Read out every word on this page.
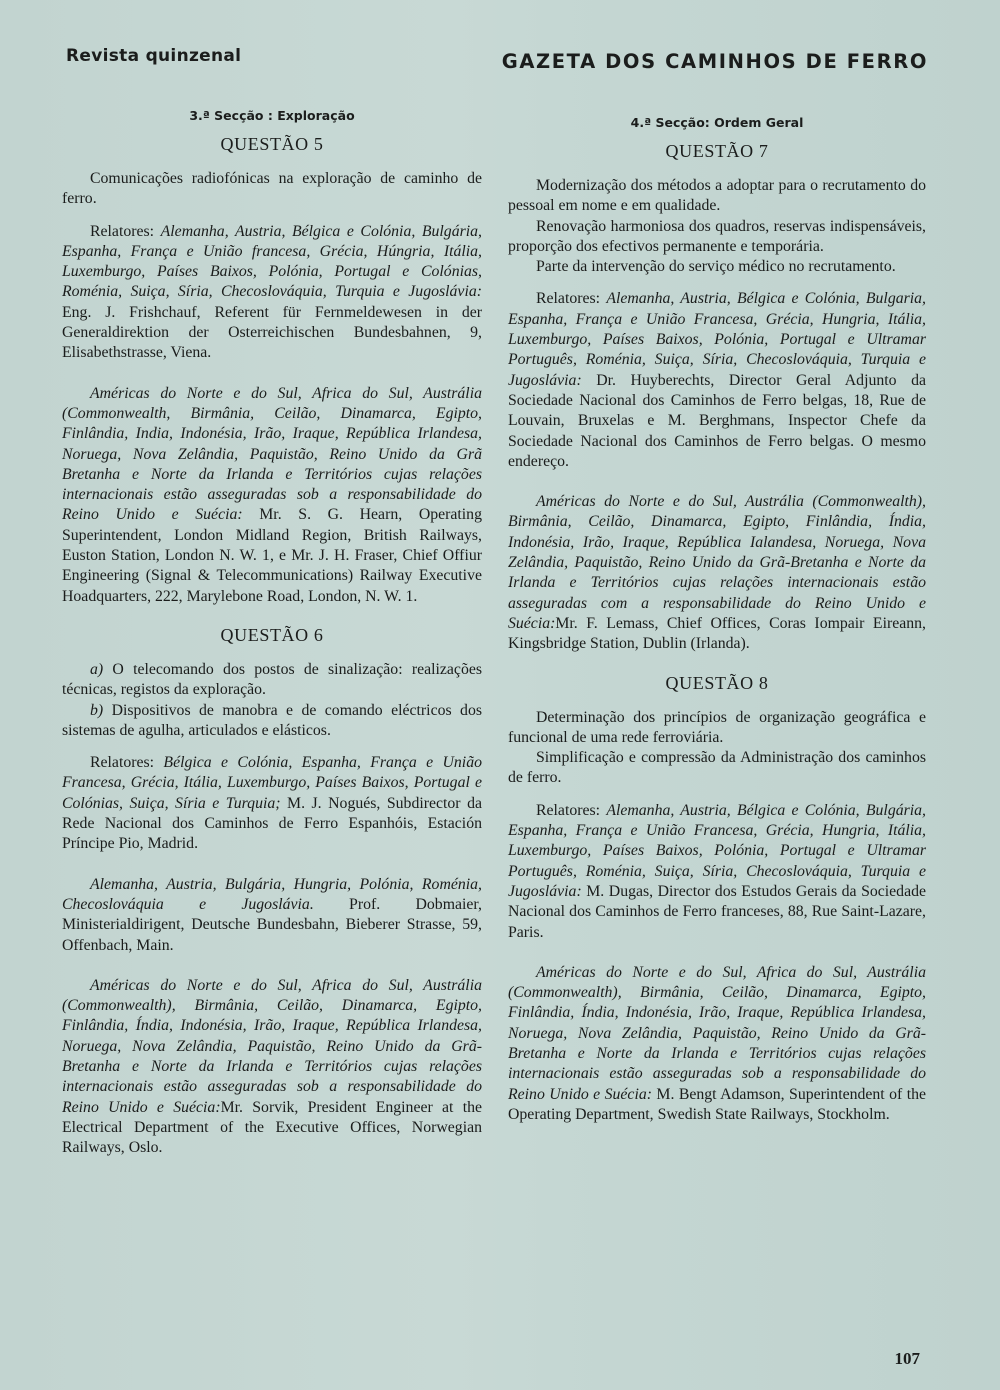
Revista quinzenal	GAZETA DOS CAMINHOS DE FERRO
3.ª Secção : Exploração
QUESTÃO 5

Comunicações radiofónicas na exploração de caminho de ferro.

Relatores: Alemanha, Austria, Bélgica e Colónia, Bulgária, Espanha, França e União francesa, Grécia, Húngria, Itália, Luxemburgo, Países Baixos, Polónia, Portugal e Colónias, Roménia, Suiça, Síria, Checoslováquia, Turquia e Jugoslávia: Eng. J. Frishchauf, Referent für Fernmeldewesen in der Generaldirektion der Osterreichischen Bundesbahnen, 9, Elisabethstrasse, Viena.

Américas do Norte e do Sul, Africa do Sul, Austrália (Commonwealth, Birmânia, Ceilão, Dinamarca, Egipto, Finlândia, India, Indonésia, Irão, Iraque, República Irlandesa, Noruega, Nova Zelândia, Paquistão, Reino Unido da Grã Bretanha e Norte da Irlanda e Territórios cujas relações internacionais estão asseguradas sob a responsabilidade do Reino Unido e Suécia: Mr. S. G. Hearn, Operating Superintendent, London Midland Region, British Railways, Euston Station, London N. W. 1, e Mr. J. H. Fraser, Chief Offiur Engineering (Signal & Telecommunications) Railway Executive Hoadquarters, 222, Marylebone Road, London, N. W. 1.

QUESTÃO 6

a) O telecomando dos postos de sinalização: realizações técnicas, registos da exploração.

b) Dispositivos de manobra e de comando eléctricos dos sistemas de agulha, articulados e elásticos.

Relatores: Bélgica e Colónia, Espanha, França e União Francesa, Grécia, Itália, Luxemburgo, Países Baixos, Portugal e Colónias, Suiça, Síria e Turquia; M. J. Nogués, Subdirector da Rede Nacional dos Caminhos de Ferro Espanhóis, Estación Príncipe Pio, Madrid.

Alemanha, Austria, Bulgária, Hungria, Polónia, Roménia, Checoslováquia e Jugoslávia. Prof. Dobmaier, Ministerialdirigent, Deutsche Bundesbahn, Bieberer Strasse, 59, Offenbach, Main.

Américas do Norte e do Sul, Africa do Sul, Austrália (Commonwealth), Birmânia, Ceilão, Dinamarca, Egipto, Finlândia, Índia, Indonésia, Irão, Iraque, República Irlandesa, Noruega, Nova Zelândia, Paquistão, Reino Unido da Grã-Bretanha e Norte da Irlanda e Territórios cujas relações internacionais estão asseguradas sob a responsabilidade do Reino Unido e Suécia:Mr. Sorvik, President Engineer at the Electrical Department of the Executive Offices, Norwegian Railways, Oslo.

4.ª Secção: Ordem Geral
QUESTÃO 7

Modernização dos métodos a adoptar para o recrutamento do pessoal em nome e em qualidade.

Renovação harmoniosa dos quadros, reservas indispensáveis, proporção dos efectivos permanente e temporária.

Parte da intervenção do serviço médico no recrutamento.

Relatores: Alemanha, Austria, Bélgica e Colónia, Bulgaria, Espanha, França e União Francesa, Grécia, Hungria, Itália, Luxemburgo, Países Baixos, Polónia, Portugal e Ultramar Português, Roménia, Suiça, Síria, Checoslováquia, Turquia e Jugoslávia: Dr. Huyberechts, Director Geral Adjunto da Sociedade Nacional dos Caminhos de Ferro belgas, 18, Rue de Louvain, Bruxelas e M. Berghmans, Inspector Chefe da Sociedade Nacional dos Caminhos de Ferro belgas. O mesmo endereço.

Américas do Norte e do Sul, Austrália (Commonwealth), Birmânia, Ceilão, Dinamarca, Egipto, Finlândia, Índia, Indonésia, Irão, Iraque, República Ialandesa, Noruega, Nova Zelândia, Paquistão, Reino Unido da Grã-Bretanha e Norte da Irlanda e Territórios cujas relações internacionais estão asseguradas com a responsabilidade do Reino Unido e Suécia:Mr. F. Lemass, Chief Offices, Coras Iompair Eireann, Kingsbridge Station, Dublin (Irlanda).

QUESTÃO 8

Determinação dos princípios de organização geográfica e funcional de uma rede ferroviária.

Simplificação e compressão da Administração dos caminhos de ferro.

Relatores: Alemanha, Austria, Bélgica e Colónia, Bulgária, Espanha, França e União Francesa, Grécia, Hungria, Itália, Luxemburgo, Países Baixos, Polónia, Portugal e Ultramar Português, Roménia, Suiça, Síria, Checoslováquia, Turquia e Jugoslávia: M. Dugas, Director dos Estudos Gerais da Sociedade Nacional dos Caminhos de Ferro franceses, 88, Rue Saint-Lazare, Paris.

Américas do Norte e do Sul, Africa do Sul, Austrália (Commonwealth), Birmânia, Ceilão, Dinamarca, Egipto, Finlândia, Índia, Indonésia, Irão, Iraque, República Irlandesa, Noruega, Nova Zelândia, Paquistão, Reino Unido da Grã-Bretanha e Norte da Irlanda e Territórios cujas relações internacionais estão asseguradas sob a responsabilidade do Reino Unido e Suécia: M. Bengt Adamson, Superintendent of the Operating Department, Swedish State Railways, Stockholm.

107
